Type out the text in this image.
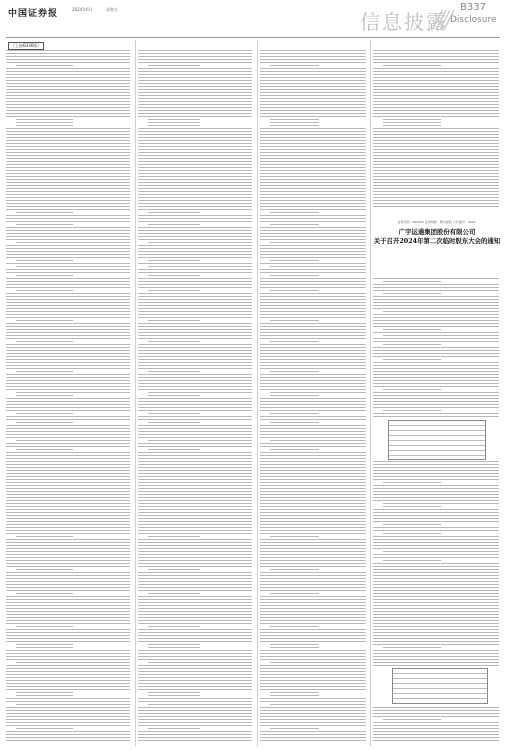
中国证券报	2024年6月	星期五
信息披露
B337
Disclosure
（上接B336版）
证券代码：002352 证券简称：顺丰控股 公告编号：2024-
广宇运通集团股份有限公司
关于召开2024年第二次临时股东大会的通知
